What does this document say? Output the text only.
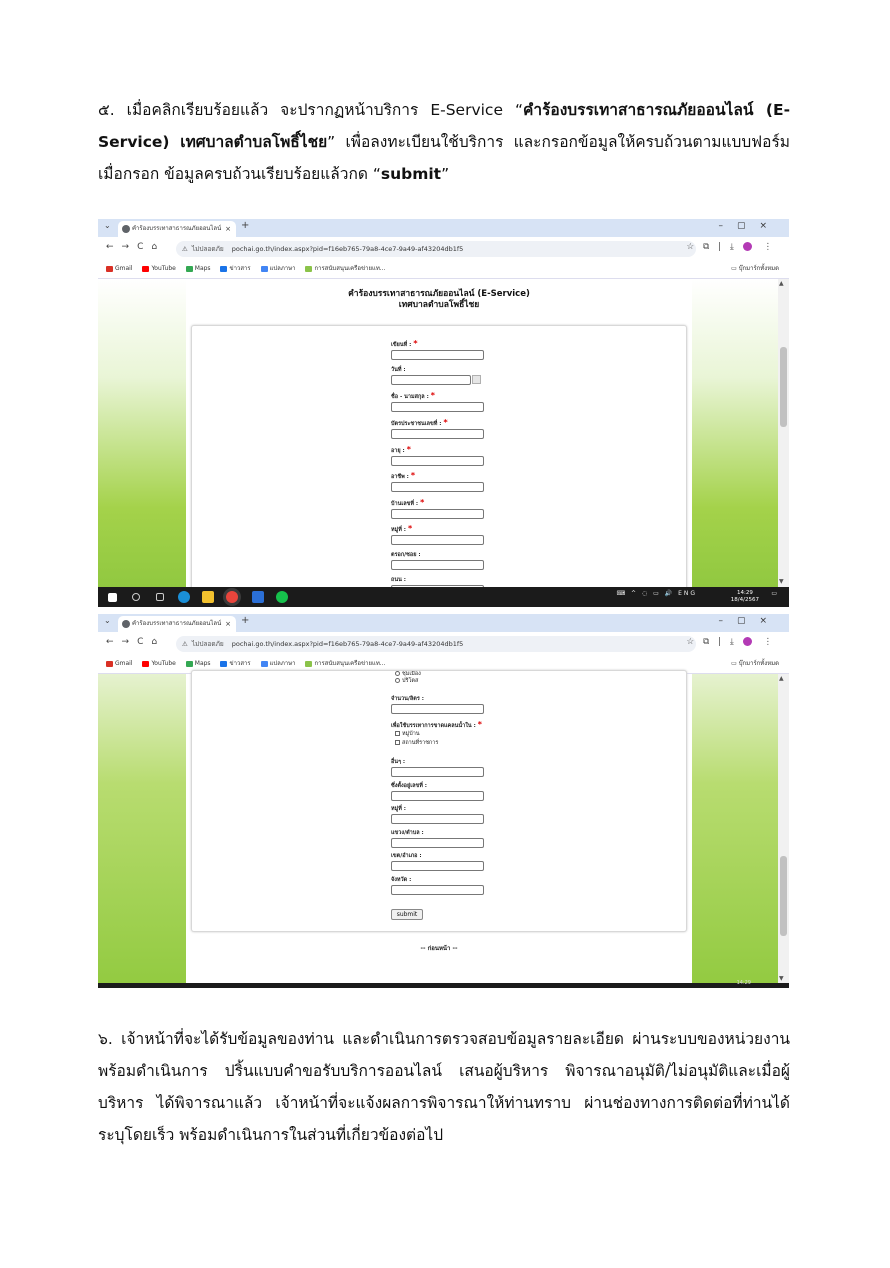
๕. เมื่อคลิกเรียบร้อยแล้ว จะปรากฏหน้าบริการ E-Service “คำร้องบรรเทาสาธารณภัยออนไลน์ (E-Service) เทศบาลตำบลโพธิ์ไชย” เพื่อลงทะเบียนใช้บริการ และกรอกข้อมูลให้ครบถ้วนตามแบบฟอร์ม เมื่อกรอก ข้อมูลครบถ้วนเรียบร้อยแล้วกด “submit”
⌄	คำร้องบรรเทาสาธารณภัยออนไลน์ × +	–▢×
←→C⌂	⚠ ไม่ปลอดภัย pochai.go.th/index.aspx?pid=f16eb765-79a8-4ce7-9a49-af43204db1f5	☆⧉|⤓ ⋮
Gmail	YouTube	Maps	ข่าวสาร	แปลภาษา	การสนับสนุนเครือข่ายแท...	▭ บุ๊กมาร์กทั้งหมด
คำร้องบรรเทาสาธารณภัยออนไลน์ (E-Service)
เทศบาลตำบลโพธิ์ไชย
เขียนที่ : *
วันที่ :
ชื่อ - นามสกุล : *
บัตรประชาชนเลขที่ : *
อายุ : *
อาชีพ : *
บ้านเลขที่ : *
หมู่ที่ : *
ตรอก/ซอย :
ถนน :
▲
▼
⌨ ^ ◌ ▭ 🔊 ENG	14:29
18/4/2567
▭
⌄	คำร้องบรรเทาสาธารณภัยออนไลน์ × +	–▢×
←→C⌂	⚠ ไม่ปลอดภัย pochai.go.th/index.aspx?pid=f16eb765-79a8-4ce7-9a49-af43204db1f5	☆⧉|⤓ ⋮
Gmail	YouTube	Maps	ข่าวสาร	แปลภาษา	การสนับสนุนเครือข่ายแท...	▭ บุ๊กมาร์กทั้งหมด
ชุมเมือง
ปริโตส
จำนวน/ลิตร :
เพื่อใช้บรรเทาการขาดแคลนน้ำใน : *
หมู่บ้าน
สถานที่ราชการ
อื่นๆ :
ซึ่งตั้งอยู่เลขที่ :
หมู่ที่ :
แขวง/ตำบล :
เขต/อำเภอ :
จังหวัด :
submit
-- ก่อนหน้า --
▲
▼
14:29
๖. เจ้าหน้าที่จะได้รับข้อมูลของท่าน และดำเนินการตรวจสอบข้อมูลรายละเอียด ผ่านระบบของหน่วยงาน พร้อมดำเนินการ ปริ้นแบบคำขอรับบริการออนไลน์ เสนอผู้บริหาร พิจารณาอนุมัติ/ไม่อนุมัติและเมื่อผู้บริหาร ได้พิจารณาแล้ว เจ้าหน้าที่จะแจ้งผลการพิจารณาให้ท่านทราบ ผ่านช่องทางการติดต่อที่ท่านได้ระบุโดยเร็ว พร้อมดำเนินการในส่วนที่เกี่ยวข้องต่อไป
